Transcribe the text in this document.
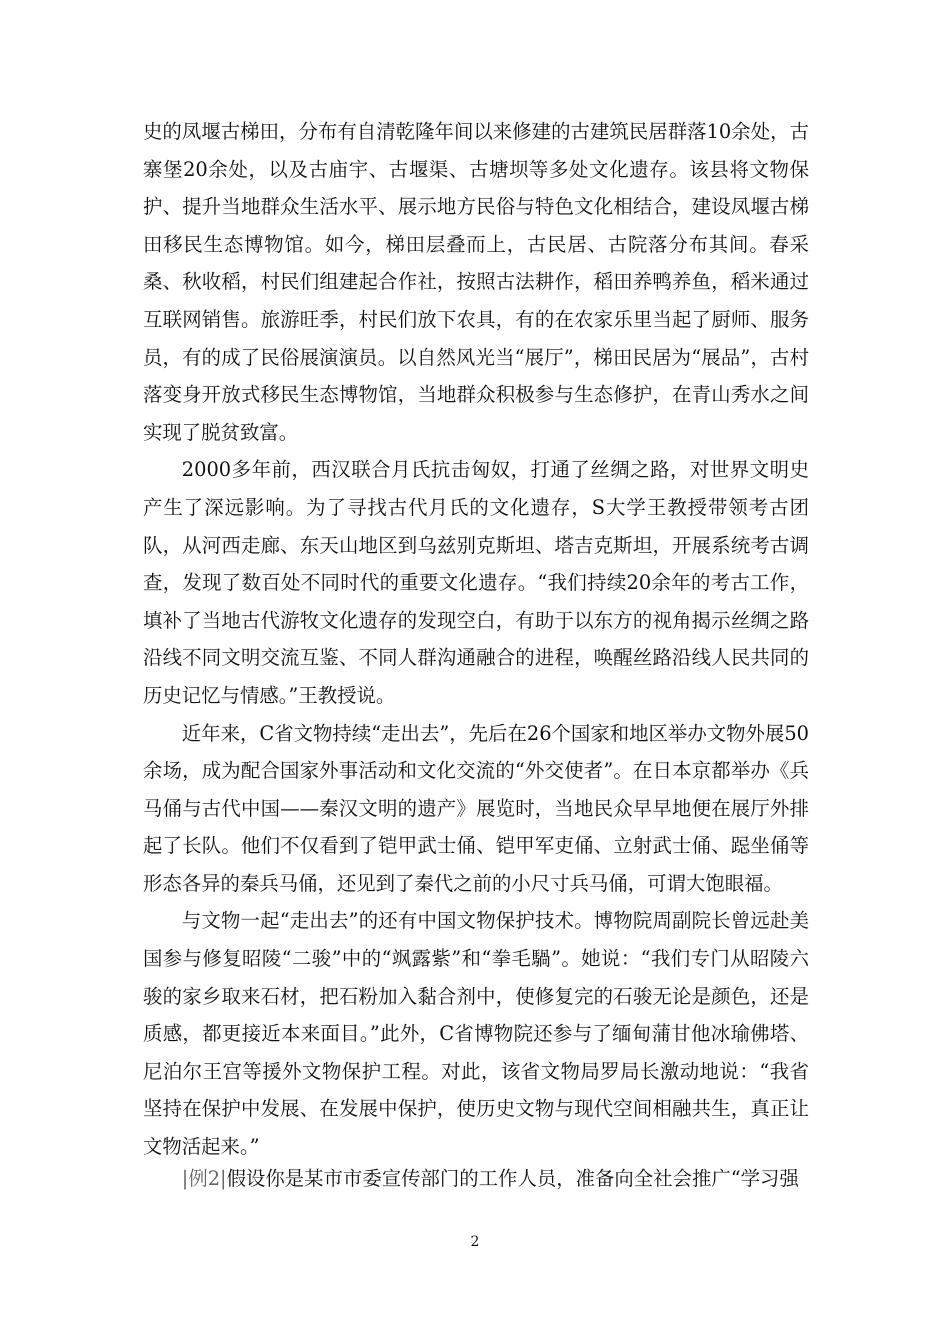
史的凤堰古梯田，分布有自清乾隆年间以来修建的古建筑民居群落10余处，古寨堡20余处，以及古庙宇、古堰渠、古塘坝等多处文化遗存。该县将文物保护、提升当地群众生活水平、展示地方民俗与特色文化相结合，建设凤堰古梯田移民生态博物馆。如今，梯田层叠而上，古民居、古院落分布其间。春采桑、秋收稻，村民们组建起合作社，按照古法耕作，稻田养鸭养鱼，稻米通过互联网销售。旅游旺季，村民们放下农具，有的在农家乐里当起了厨师、服务员，有的成了民俗展演演员。以自然风光当“展厅”，梯田民居为“展品”，古村落变身开放式移民生态博物馆，当地群众积极参与生态修护，在青山秀水之间实现了脱贫致富。

2000多年前，西汉联合月氏抗击匈奴，打通了丝绸之路，对世界文明史产生了深远影响。为了寻找古代月氏的文化遗存，S大学王教授带领考古团队，从河西走廊、东天山地区到乌兹别克斯坦、塔吉克斯坦，开展系统考古调查，发现了数百处不同时代的重要文化遗存。“我们持续20余年的考古工作，填补了当地古代游牧文化遗存的发现空白，有助于以东方的视角揭示丝绸之路沿线不同文明交流互鉴、不同人群沟通融合的进程，唤醒丝路沿线人民共同的历史记忆与情感。”王教授说。

近年来，C省文物持续“走出去”，先后在26个国家和地区举办文物外展50余场，成为配合国家外事活动和文化交流的“外交使者”。在日本京都举办《兵马俑与古代中国——秦汉文明的遗产》展览时，当地民众早早地便在展厅外排起了长队。他们不仅看到了铠甲武士俑、铠甲军吏俑、立射武士俑、跽坐俑等形态各异的秦兵马俑，还见到了秦代之前的小尺寸兵马俑，可谓大饱眼福。

与文物一起“走出去”的还有中国文物保护技术。博物院周副院长曾远赴美国参与修复昭陵“二骏”中的“飒露紫”和“拳毛騧”。她说：“我们专门从昭陵六骏的家乡取来石材，把石粉加入黏合剂中，使修复完的石骏无论是颜色，还是质感，都更接近本来面目。”此外，C省博物院还参与了缅甸蒲甘他冰瑜佛塔、尼泊尔王宫等援外文物保护工程。对此，该省文物局罗局长激动地说：“我省坚持在保护中发展、在发展中保护，使历史文物与现代空间相融共生，真正让文物活起来。”

|例2|假设你是某市市委宣传部门的工作人员，准备向全社会推广“学习强

2
